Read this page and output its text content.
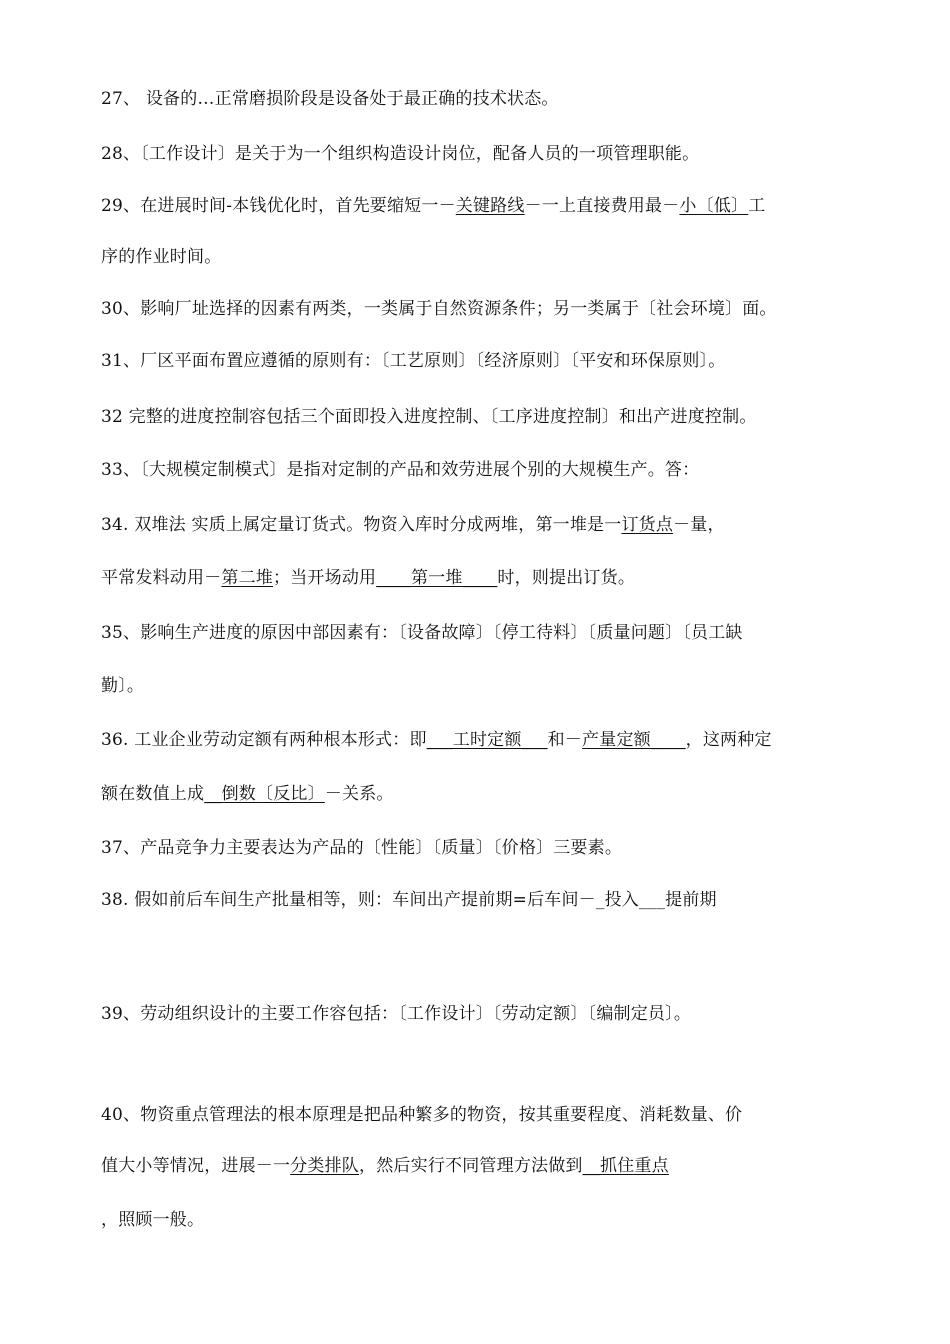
27、 设备的…正常磨损阶段是设备处于最正确的技术状态。
28、〔工作设计〕是关于为一个组织构造设计岗位，配备人员的一项管理职能。
29、在进展时间-本钱优化时，首先要缩短一－关键路线－一上直接费用最－小〔低〕工
序的作业时间。
30、影响厂址选择的因素有两类，一类属于自然资源条件；另一类属于〔社会环境〕面。
31、厂区平面布置应遵循的原则有：〔工艺原则〕〔经济原则〕〔平安和环保原则〕。
32 完整的进度控制容包括三个面即投入进度控制、〔工序进度控制〕和出产进度控制。
33、〔大规模定制模式〕是指对定制的产品和效劳进展个别的大规模生产。答：
34. 双堆法 实质上属定量订货式。物资入库时分成两堆，第一堆是一订货点－量，
平常发料动用－第二堆；当开场动用____第一堆____时，则提出订货。
35、影响生产进度的原因中部因素有：〔设备故障〕〔停工待料〕〔质量问题〕〔员工缺
勤〕。
36. 工业企业劳动定额有两种根本形式：即___工时定额___和－产量定额____，这两种定
额在数值上成__倒数〔反比〕－关系。
37、产品竞争力主要表达为产品的〔性能〕〔质量〕〔价格〕三要素。
38. 假如前后车间生产批量相等，则：车间出产提前期=后车间－_投入___提前期
39、劳动组织设计的主要工作容包括：〔工作设计〕〔劳动定额〕〔编制定员〕。
40、物资重点管理法的根本原理是把品种繁多的物资，按其重要程度、消耗数量、价
值大小等情况，进展－一分类排队，然后实行不同管理方法做到__抓住重点
，照顾一般。
